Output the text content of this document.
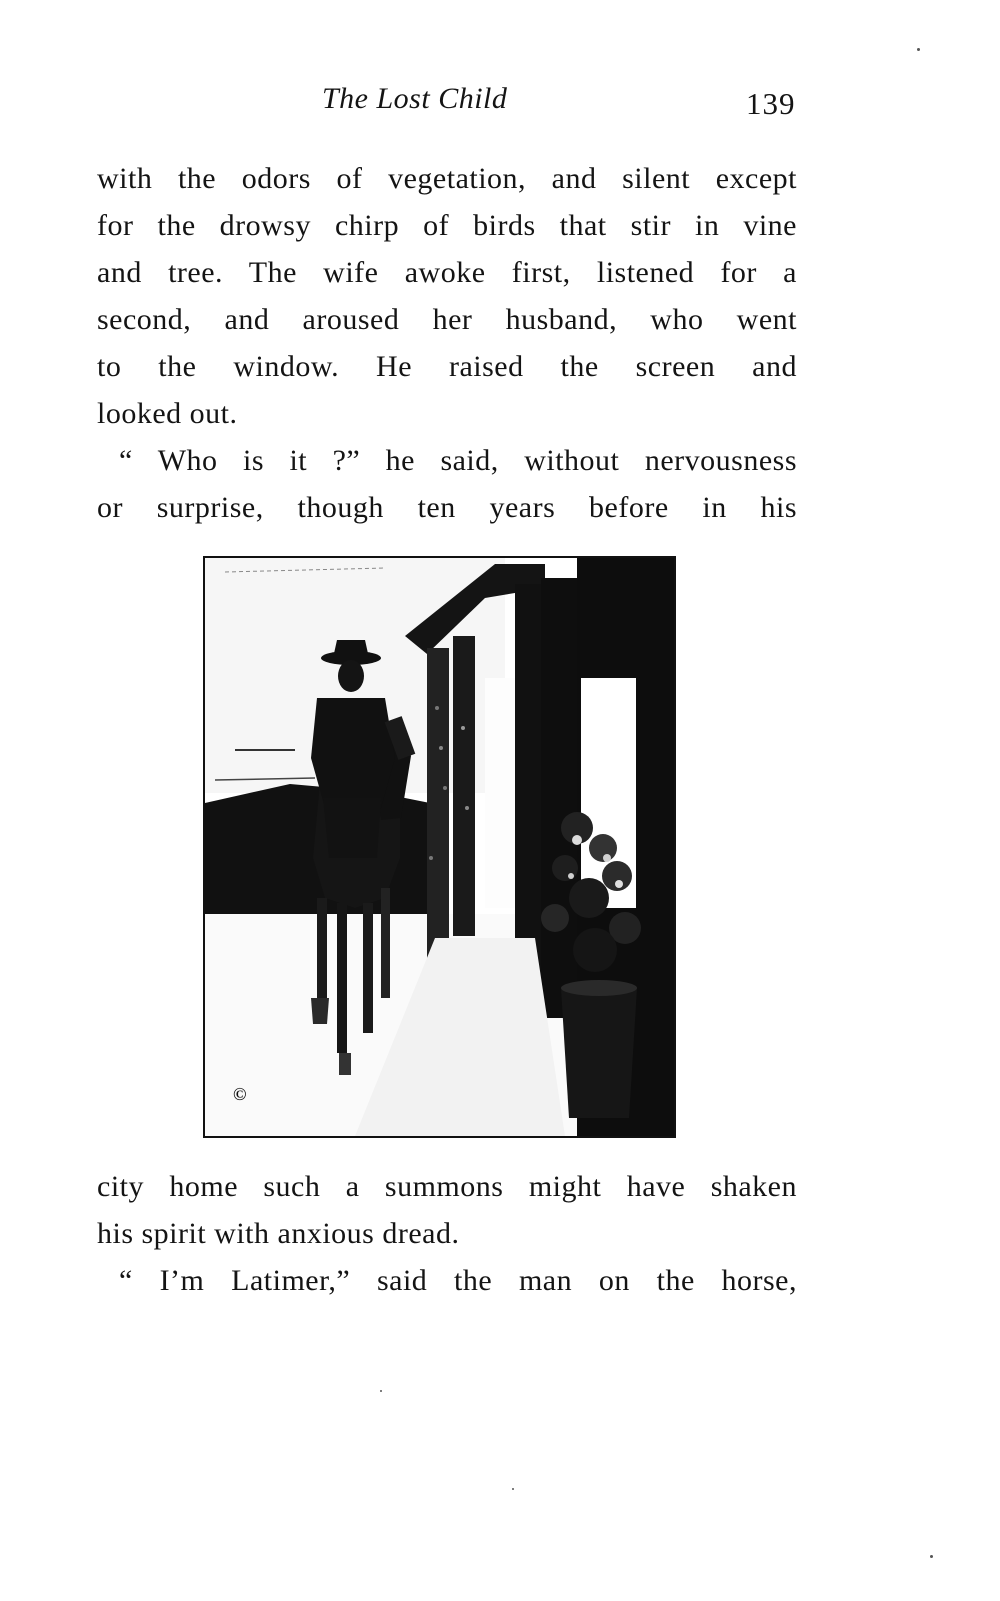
The Lost Child	139
with the odors of vegetation, and silent except
for the drowsy chirp of birds that stir in vine
and tree. The wife awoke first, listened for a
second, and aroused her husband, who went
to the window. He raised the screen and
looked out.
“ Who is it ?” he said, without nervousness
or surprise, though ten years before in his
©
city home such a summons might have shaken
his spirit with anxious dread.
“ I’m Latimer,” said the man on the horse,
